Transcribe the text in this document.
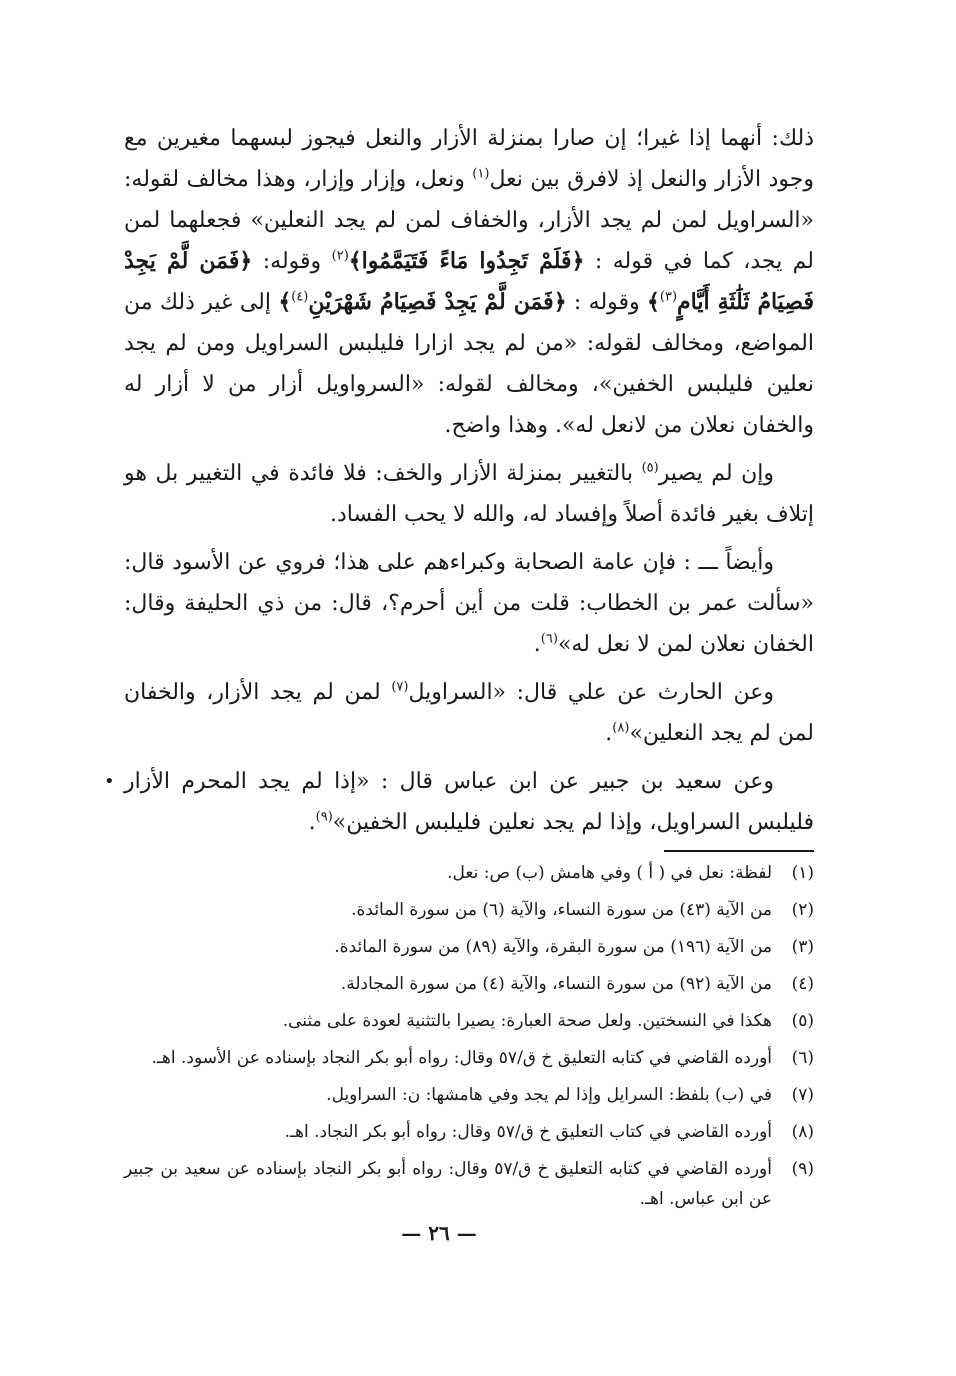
ذلك: أنهما إذا غيرا؛ إن صارا بمنزلة الأزار والنعل فيجوز لبسهما مغيرين مع وجود الأزار والنعل إذ لافرق بين نعل$^{(١)}$ ونعل، وإزار وإزار، وهذا مخالف لقوله: «السراويل لمن لم يجد الأزار، والخفاف لمن لم يجد النعلين» فجعلهما لمن لم يجد، كما في قوله : ﴿فَلَمْ تَجِدُوا مَاءً فَتَيَمَّمُوا﴾$^{(٢)}$ وقوله: ﴿فَمَن لَّمْ يَجِدْ فَصِيَامُ ثَلَٰثَةِ أَيَّامٍ$^{(٣)}$﴾ وقوله : ﴿فَمَن لَّمْ يَجِدْ فَصِيَامُ شَهْرَيْنِ$^{(٤)}$﴾ إلى غير ذلك من المواضع، ومخالف لقوله: «من لم يجد ازارا فليلبس السراويل ومن لم يجد نعلين فليلبس الخفين»، ومخالف لقوله: «السرواويل أزار من لا أزار له والخفان نعلان من لانعل له». وهذا واضح.

وإن لم يصير$^{(٥)}$ بالتغيير بمنزلة الأزار والخف: فلا فائدة في التغيير بل هو إتلاف بغير فائدة أصلاً وإفساد له، والله لا يحب الفساد.

وأيضاً ـــ : فإن عامة الصحابة وكبراءهم على هذا؛ فروي عن الأسود قال: «سألت عمر بن الخطاب: قلت من أين أحرم؟، قال: من ذي الحليفة وقال: الخفان نعلان لمن لا نعل له»$^{(٦)}$.

وعن الحارث عن علي قال: «السراويل$^{(٧)}$ لمن لم يجد الأزار، والخفان لمن لم يجد النعلين»$^{(٨)}$.

• وعن سعيد بن جبير عن ابن عباس قال : «إذا لم يجد المحرم الأزار فليلبس السراويل، وإذا لم يجد نعلين فليلبس الخفين»$^{(٩)}$.

(١)
لفظة: نعل في ( أ ) وفي هامش (ب) ص: نعل.
(٢)
من الآية (٤٣) من سورة النساء، والآية (٦) من سورة المائدة.
(٣)
من الآية (١٩٦) من سورة البقرة، والآية (٨٩) من سورة المائدة.
(٤)
من الآية (٩٢) من سورة النساء، والآية (٤) من سورة المجادلة.
(٥)
هكذا في النسختين. ولعل صحة العبارة: يصيرا بالتثنية لعودة على مثنى.
(٦)
أورده القاضي في كتابه التعليق خ ق/٥٧ وقال: رواه أبو بكر النجاد بإسناده عن الأسود. اهـ.
(٧)
في (ب) بلفظ: السرايل وإذا لم يجد وفي هامشها: ن: السراويل.
(٨)
أورده القاضي في كتاب التعليق خ ق/٥٧ وقال: رواه أبو بكر النجاد. اهـ.
(٩)
أورده القاضي في كتابه التعليق خ ق/٥٧ وقال: رواه أبو بكر النجاد بإسناده عن سعيد بن جبير عن ابن عباس. اهـ.
— ٢٦ —
